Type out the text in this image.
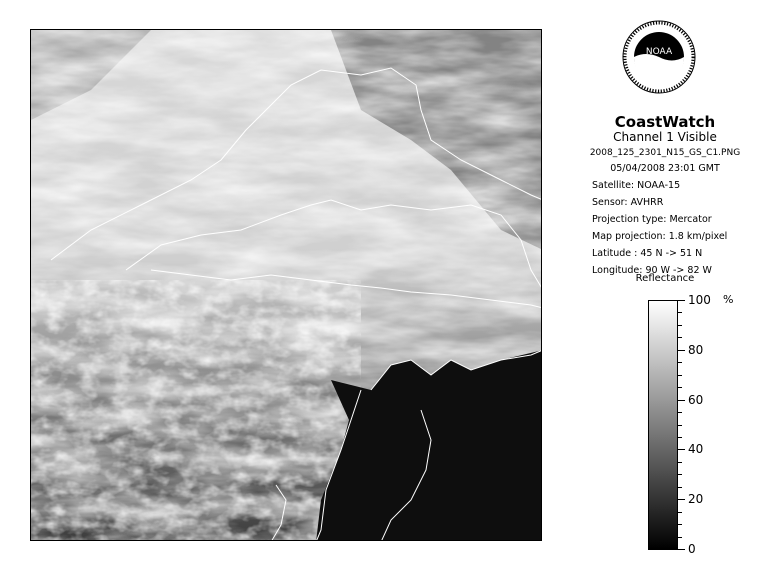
NOAA
CoastWatch
Channel 1 Visible
2008_125_2301_N15_GS_C1.PNG
05/04/2008 23:01 GMT
Satellite: NOAA-15
Sensor: AVHRR
Projection type: Mercator
Map projection: 1.8 km/pixel
Latitude : 45 N -> 51 N
Longitude: 90 W -> 82 W
Reflectance
%
100
80
60
40
20
0
